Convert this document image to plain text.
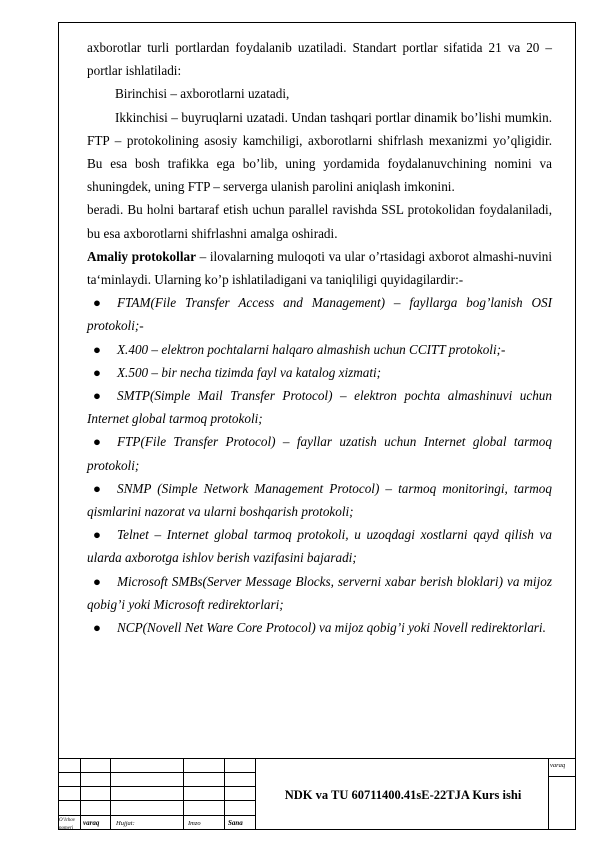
axborotlar turli portlardan foydalanib uzatiladi. Standart portlar sifatida 21 va 20 – portlar ishlatiladi:

Birinchisi – axborotlarni uzatadi,

Ikkinchisi – buyruqlarni uzatadi. Undan tashqari portlar dinamik bo’lishi mumkin. FTP – protokolining asosiy kamchiligi, axborotlarni shifrlash mexanizmi yo’qligidir. Bu esa bosh trafikka ega bo’lib, uning yordamida foydalanuvchining nomini va shuningdek, uning FTP – serverga ulanish parolini aniqlash imkonini.

beradi. Bu holni bartaraf etish uchun parallel ravishda SSL protokolidan foydalaniladi, bu esa axborotlarni shifrlashni amalga oshiradi.

Amaliy protokollar – ilovalarning muloqoti va ular o’rtasidagi axborot almashi-nuvini ta‘minlaydi. Ularning ko’p ishlatiladigani va taniqliligi quyidagilardir:-

● FTAM(File Transfer Access and Management) – fayllarga bog’lanish OSI protokoli;-

● X.400 – elektron pochtalarni halqaro almashish uchun CCITT protokoli;-

● X.500 – bir necha tizimda fayl va katalog xizmati;

● SMTP(Simple Mail Transfer Protocol) – elektron pochta almashinuvi uchun Internet global tarmoq protokoli;

● FTP(File Transfer Protocol) – fayllar uzatish uchun Internet global tarmoq protokoli;

● SNMP (Simple Network Management Protocol) – tarmoq monitoringi, tarmoq qismlarini nazorat va ularni boshqarish protokoli;

● Telnet – Internet global tarmoq protokoli, u uzoqdagi xostlarni qayd qilish va ularda axborotga ishlov berish vazifasini bajaradi;

● Microsoft SMBs(Server Message Blocks, serverni xabar berish bloklari) va mijoz qobig’i yoki Microsoft redirektorlari;

● NCP(Novell Net Ware Core Protocol) va mijoz qobig’i yoki Novell redirektorlari.

varaq
O’lchov varaq	Hujjat:	Imzo	Sana
nomeri
NDK va TU 60711400.41sE-22TJA Kurs ishi
